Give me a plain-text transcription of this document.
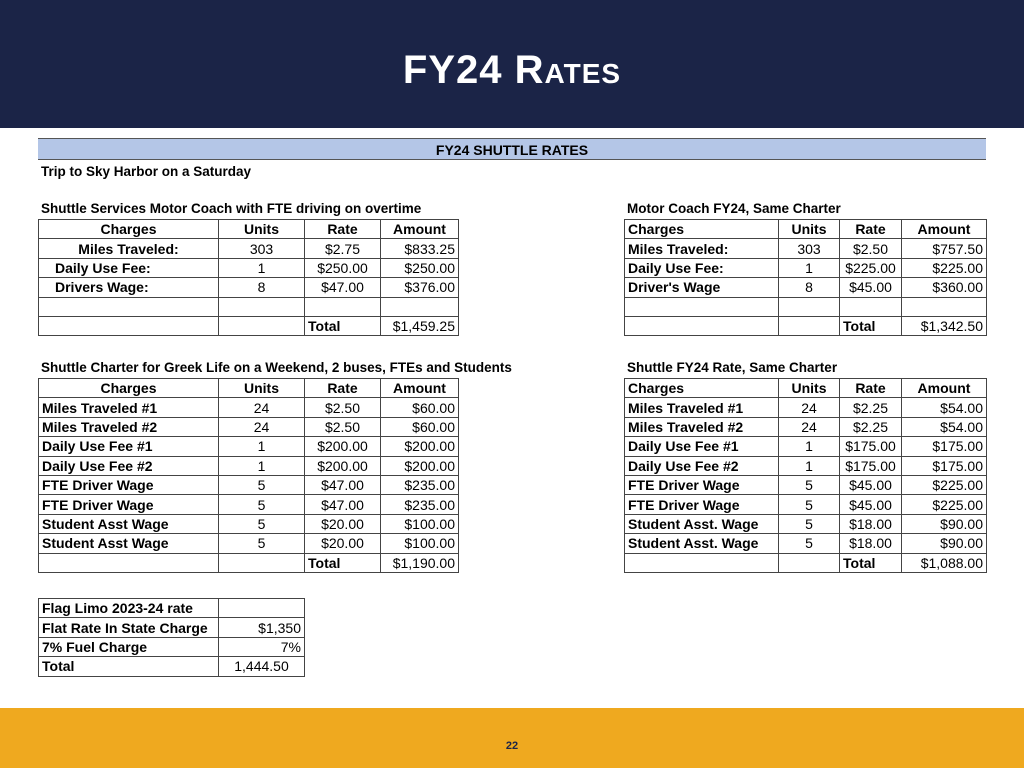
FY24 Rates
FY24 SHUTTLE RATES
Trip to Sky Harbor on a Saturday
Shuttle Services Motor Coach with FTE driving on overtime
Charges	Units	Rate	Amount
Miles Traveled:	303	$2.75	$833.25
Daily Use Fee:	1	$250.00	$250.00
Drivers Wage:	8	$47.00	$376.00

		Total	$1,459.25
Motor Coach FY24, Same Charter
Charges	Units	Rate	Amount
Miles Traveled:	303	$2.50	$757.50
Daily Use Fee:	1	$225.00	$225.00
Driver's Wage	8	$45.00	$360.00

		Total	$1,342.50
Shuttle Charter for Greek Life on a Weekend, 2 buses, FTEs and Students
Charges	Units	Rate	Amount
Miles Traveled #1	24	$2.50	$60.00
Miles Traveled #2	24	$2.50	$60.00
Daily Use Fee #1	1	$200.00	$200.00
Daily Use Fee #2	1	$200.00	$200.00
FTE Driver Wage	5	$47.00	$235.00
FTE Driver Wage	5	$47.00	$235.00
Student Asst Wage	5	$20.00	$100.00
Student Asst Wage	5	$20.00	$100.00
		Total	$1,190.00
Shuttle FY24 Rate, Same Charter
Charges	Units	Rate	Amount
Miles Traveled #1	24	$2.25	$54.00
Miles Traveled #2	24	$2.25	$54.00
Daily Use Fee #1	1	$175.00	$175.00
Daily Use Fee #2	1	$175.00	$175.00
FTE Driver Wage	5	$45.00	$225.00
FTE Driver Wage	5	$45.00	$225.00
Student Asst. Wage	5	$18.00	$90.00
Student Asst. Wage	5	$18.00	$90.00
		Total	$1,088.00
Flag Limo 2023-24 rate	
Flat Rate In State Charge	$1,350
7% Fuel Charge	7%
Total	1,444.50
22
